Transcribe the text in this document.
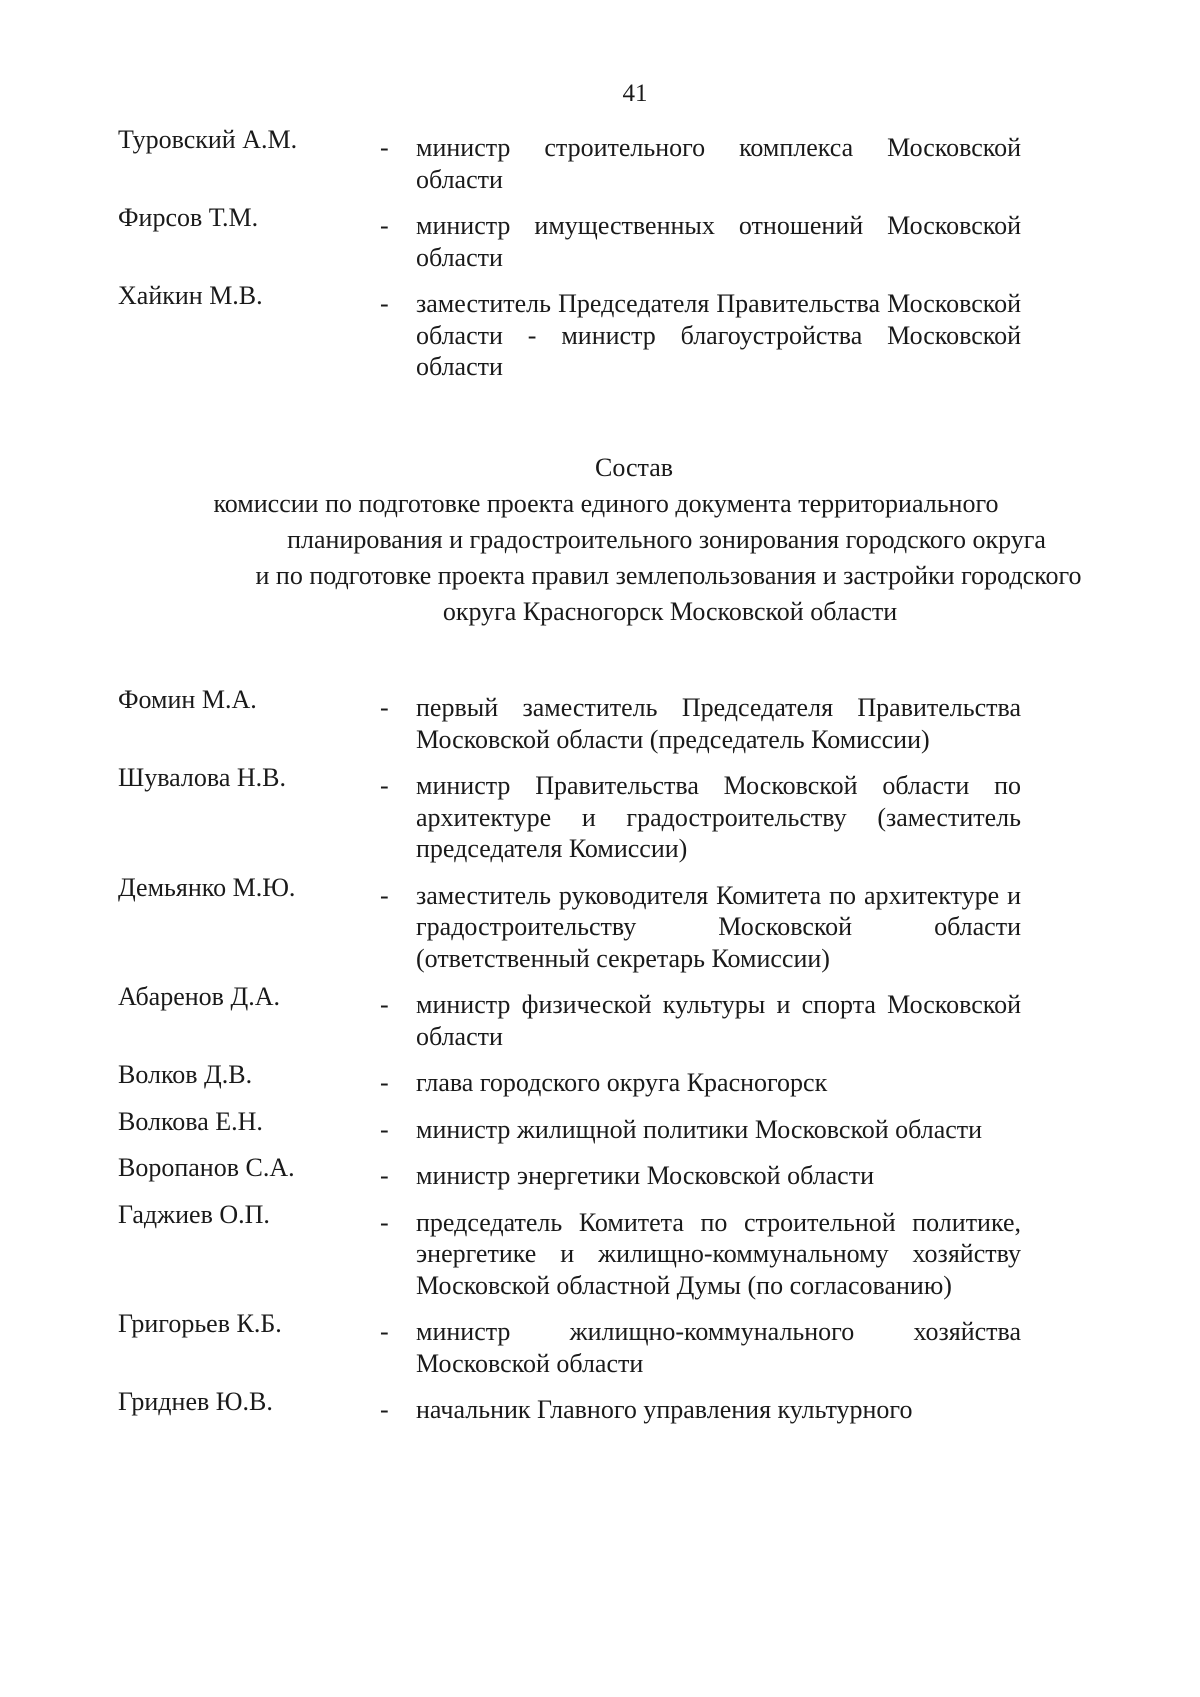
41
Туровский А.М.	-	министр строительного комплекса Московской области
Фирсов Т.М.	-	министр имущественных отношений Московской области
Хайкин М.В.	-	заместитель Председателя Правительства Московской области - министр благоустройства Московской области
Состав
комиссии по подготовке проекта единого документа территориального
планирования и градостроительного зонирования городского округа
и по подготовке проекта правил землепользования и застройки городского
округа Красногорск Московской области
Фомин М.А.	-	первый заместитель Председателя Правительства Московской области (председатель Комиссии)
Шувалова Н.В.	-	министр Правительства Московской области по архитектуре и градостроительству (заместитель председателя Комиссии)
Демьянко М.Ю.	-	заместитель руководителя Комитета по архитектуре и градостроительству Московской области (ответственный секретарь Комиссии)
Абаренов Д.А.	-	министр физической культуры и спорта Московской области
Волков Д.В.	-	глава городского округа Красногорск
Волкова Е.Н.	-	министр жилищной политики Московской области
Воропанов С.А.	-	министр энергетики Московской области
Гаджиев О.П.	-	председатель Комитета по строительной политике, энергетике и жилищно-коммунальному хозяйству Московской областной Думы (по согласованию)
Григорьев К.Б.	-	министр жилищно-коммунального хозяйства Московской области
Гриднев Ю.В.	-	начальник Главного управления культурного
